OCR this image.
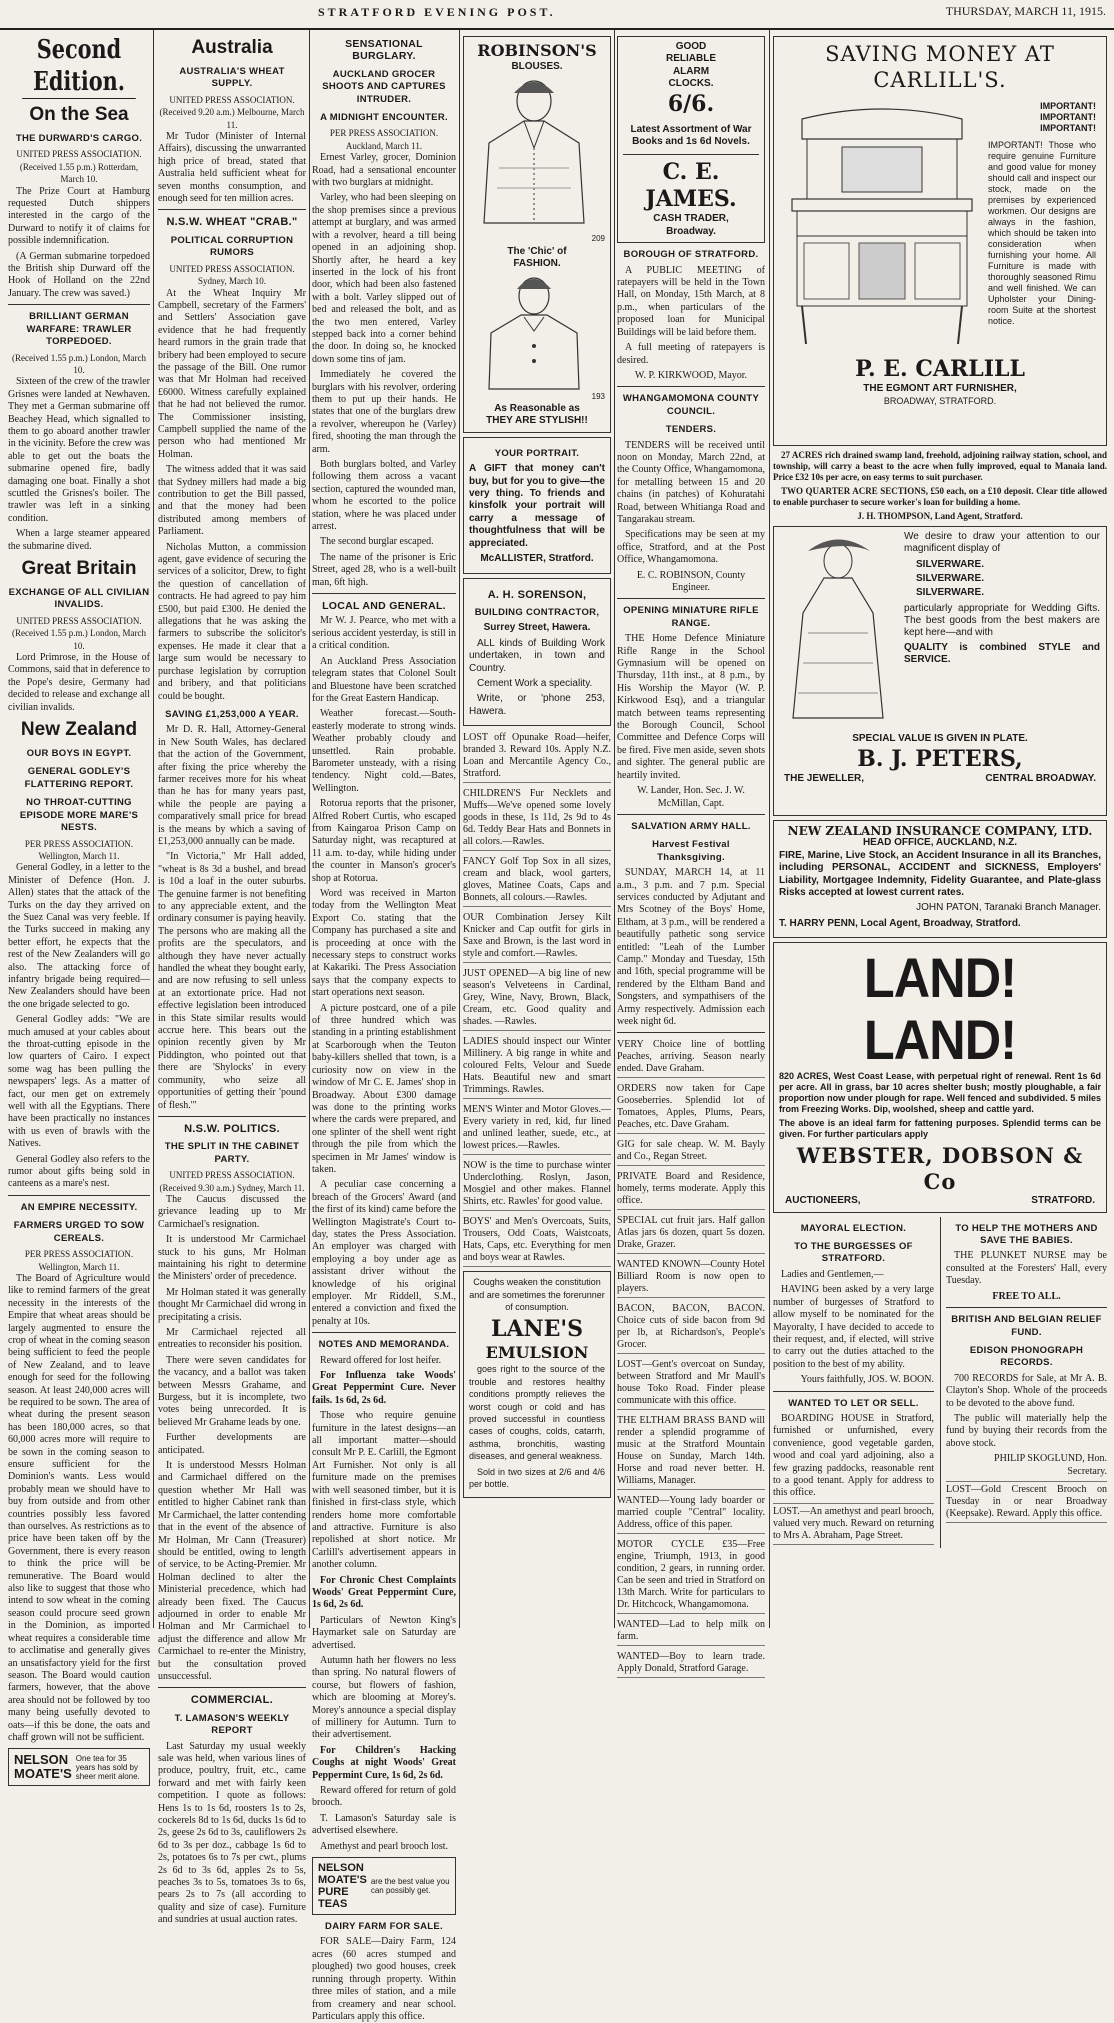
STRATFORD EVENING POST.	THURSDAY, MARCH 11, 1915.
Second Edition.
On the Sea
THE DURWARD'S CARGO.

UNITED PRESS ASSOCIATION. (Received 1.55 p.m.) Rotterdam, March 10.

The Prize Court at Hamburg requested Dutch shippers interested in the cargo of the Durward to notify it of claims for possible indemnification.

(A German submarine torpedoed the British ship Durward off the Hook of Holland on the 22nd January. The crew was saved.)

BRILLIANT GERMAN WARFARE: TRAWLER TORPEDOED.

(Received 1.55 p.m.) London, March 10.

Sixteen of the crew of the trawler Grisnes were landed at Newhaven. They met a German submarine off Beachey Head, which signalled to them to go aboard another trawler in the vicinity. Before the crew was able to get out the boats the submarine opened fire, badly damaging one boat. Finally a shot scuttled the Grisnes's boiler. The trawler was left in a sinking condition.

When a large steamer appeared the submarine dived.

Great Britain
EXCHANGE OF ALL CIVILIAN INVALIDS.

UNITED PRESS ASSOCIATION. (Received 1.55 p.m.) London, March 10.

Lord Primrose, in the House of Commons, said that in deference to the Pope's desire, Germany had decided to release and exchange all civilian invalids.

New Zealand
OUR BOYS IN EGYPT.
GENERAL GODLEY'S FLATTERING REPORT.
NO THROAT-CUTTING EPISODE MORE MARE'S NESTS.

PER PRESS ASSOCIATION. Wellington, March 11.

General Godley, in a letter to the Minister of Defence (Hon. J. Allen) states that the attack of the Turks on the day they arrived on the Suez Canal was very feeble. If the Turks succeed in making any better effort, he expects that the rest of the New Zealanders will go also. The attacking force of infantry brigade being required—New Zealanders should have been the one brigade selected to go.

General Godley adds: "We are much amused at your cables about the throat-cutting episode in the low quarters of Cairo. I expect some wag has been pulling the newspapers' legs. As a matter of fact, our men get on extremely well with all the Egyptians. There have been practically no instances with us even of brawls with the Natives.

General Godley also refers to the rumor about gifts being sold in canteens as a mare's nest.

AN EMPIRE NECESSITY.
FARMERS URGED TO SOW CEREALS.

PER PRESS ASSOCIATION. Wellington, March 11.

The Board of Agriculture would like to remind farmers of the great necessity in the interests of the Empire that wheat areas should be largely augmented to ensure the crop of wheat in the coming season being sufficient to feed the people of New Zealand, and to leave enough for seed for the following season. At least 240,000 acres will be required to be sown. The area of wheat during the present season has been 180,000 acres, so that 60,000 acres more will require to be sown in the coming season to ensure sufficient for the Dominion's wants. Less would probably mean we should have to buy from outside and from other countries possibly less favored than ourselves. As restrictions as to price have been taken off by the Government, there is every reason to think the price will be remunerative. The Board would also like to suggest that those who intend to sow wheat in the coming season could procure seed grown in the Dominion, as imported wheat requires a considerable time to acclimatise and generally gives an unsatisfactory yield for the first season. The Board would caution farmers, however, that the above area should not be followed by too many being usefully devoted to oats—if this be done, the oats and chaff grown will not be sufficient.

NELSON MOATE'S
One tea for 35 years has sold by sheer merit alone.
Australia
AUSTRALIA'S WHEAT SUPPLY.

UNITED PRESS ASSOCIATION. (Received 9.20 a.m.) Melbourne, March 11.

Mr Tudor (Minister of Internal Affairs), discussing the unwarranted high price of bread, stated that Australia held sufficient wheat for seven months consumption, and enough seed for ten million acres.

N.S.W. WHEAT "CRAB."
POLITICAL CORRUPTION RUMORS

UNITED PRESS ASSOCIATION. Sydney, March 10.

At the Wheat Inquiry Mr Campbell, secretary of the Farmers' and Settlers' Association gave evidence that he had frequently heard rumors in the grain trade that bribery had been employed to secure the passage of the Bill. One rumor was that Mr Holman had received £6000. Witness carefully explained that he had not believed the rumor. The Commissioner insisting, Campbell supplied the name of the person who had mentioned Mr Holman.

The witness added that it was said that Sydney millers had made a big contribution to get the Bill passed, and that the money had been distributed among members of Parliament.

Nicholas Mutton, a commission agent, gave evidence of securing the services of a solicitor, Drew, to fight the question of cancellation of contracts. He had agreed to pay him £500, but paid £300. He denied the allegations that he was asking the farmers to subscribe the solicitor's expenses. He made it clear that a large sum would be necessary to purchase legislation by corruption and bribery, and that politicians could be bought.

SAVING £1,253,000 A YEAR.

Mr D. R. Hall, Attorney-General in New South Wales, has declared that the action of the Government, after fixing the price whereby the farmer receives more for his wheat than he has for many years past, while the people are paying a comparatively small price for bread is the means by which a saving of £1,253,000 annually can be made.

"In Victoria," Mr Hall added, "wheat is 8s 3d a bushel, and bread is 10d a loaf in the outer suburbs. The genuine farmer is not benefiting to any appreciable extent, and the ordinary consumer is paying heavily. The persons who are making all the profits are the speculators, and although they have never actually handled the wheat they bought early, and are now refusing to sell unless at an extortionate price. Had not effective legislation been introduced in this State similar results would accrue here. This bears out the opinion recently given by Mr Piddington, who pointed out that there are 'Shylocks' in every community, who seize all opportunities of getting their 'pound of flesh.'"

N.S.W. POLITICS.
THE SPLIT IN THE CABINET PARTY.

UNITED PRESS ASSOCIATION. (Received 9.30 a.m.) Sydney, March 11.

The Caucus discussed the grievance leading up to Mr Carmichael's resignation.

It is understood Mr Carmichael stuck to his guns, Mr Holman maintaining his right to determine the Ministers' order of precedence.

Mr Holman stated it was generally thought Mr Carmichael did wrong in precipitating a crisis.

Mr Carmichael rejected all entreaties to reconsider his position.

There were seven candidates for the vacancy, and a ballot was taken between Messrs Grahame, and Burgess, but it is incomplete, two votes being unrecorded. It is believed Mr Grahame leads by one.

Further developments are anticipated.

It is understood Messrs Holman and Carmichael differed on the question whether Mr Hall was entitled to higher Cabinet rank than Mr Carmichael, the latter contending that in the event of the absence of Mr Holman, Mr Cann (Treasurer) should be entitled, owing to length of service, to be Acting-Premier. Mr Holman declined to alter the Ministerial precedence, which had already been fixed. The Caucus adjourned in order to enable Mr Holman and Mr Carmichael to adjust the difference and allow Mr Carmichael to re-enter the Ministry, but the consultation proved unsuccessful.

COMMERCIAL.
T. LAMASON'S WEEKLY REPORT

Last Saturday my usual weekly sale was held, when various lines of produce, poultry, fruit, etc., came forward and met with fairly keen competition. I quote as follows: Hens 1s to 1s 6d, roosters 1s to 2s, cockerels 8d to 1s 6d, ducks 1s 6d to 2s, geese 2s 6d to 3s, cauliflowers 2s 6d to 3s per doz., cabbage 1s 6d to 2s, potatoes 6s to 7s per cwt., plums 2s 6d to 3s 6d, apples 2s to 5s, peaches 3s to 5s, tomatoes 3s to 6s, pears 2s to 7s (all according to quality and size of case). Furniture and sundries at usual auction rates.

SENSATIONAL BURGLARY.
AUCKLAND GROCER SHOOTS AND CAPTURES INTRUDER.
A MIDNIGHT ENCOUNTER.

PER PRESS ASSOCIATION. Auckland, March 11.

Ernest Varley, grocer, Dominion Road, had a sensational encounter with two burglars at midnight.

Varley, who had been sleeping on the shop premises since a previous attempt at burglary, and was armed with a revolver, heard a till being opened in an adjoining shop. Shortly after, he heard a key inserted in the lock of his front door, which had been also fastened with a bolt. Varley slipped out of bed and released the bolt, and as the two men entered, Varley stepped back into a corner behind the door. In doing so, he knocked down some tins of jam.

Immediately he covered the burglars with his revolver, ordering them to put up their hands. He states that one of the burglars drew a revolver, whereupon he (Varley) fired, shooting the man through the arm.

Both burglars bolted, and Varley following them across a vacant section, captured the wounded man, whom he escorted to the police station, where he was placed under arrest.

The second burglar escaped.

The name of the prisoner is Eric Street, aged 28, who is a well-built man, 6ft high.

LOCAL AND GENERAL.

Mr W. J. Pearce, who met with a serious accident yesterday, is still in a critical condition.

An Auckland Press Association telegram states that Colonel Soult and Bluestone have been scratched for the Great Eastern Handicap.

Weather forecast.—South-easterly moderate to strong winds. Weather probably cloudy and unsettled. Rain probable. Barometer unsteady, with a rising tendency. Night cold.—Bates, Wellington.

Rotorua reports that the prisoner, Alfred Robert Curtis, who escaped from Kaingaroa Prison Camp on Saturday night, was recaptured at 11 a.m. to-day, while hiding under the counter in Manson's grocer's shop at Rotorua.

Word was received in Marton today from the Wellington Meat Export Co. stating that the Company has purchased a site and is proceeding at once with the necessary steps to construct works at Kakariki. The Press Association says that the company expects to start operations next season.

A picture postcard, one of a pile of three hundred which was standing in a printing establishment at Scarborough when the Teuton baby-killers shelled that town, is a curiosity now on view in the window of Mr C. E. James' shop in Broadway. About £300 damage was done to the printing works where the cards were prepared, and one splinter of the shell went right through the pile from which the specimen in Mr James' window is taken.

A peculiar case concerning a breach of the Grocers' Award (and the first of its kind) came before the Wellington Magistrate's Court to-day, states the Press Association. An employer was charged with employing a boy under age as assistant driver without the knowledge of his original employer. Mr Riddell, S.M., entered a conviction and fixed the penalty at 10s.

NOTES AND MEMORANDA.

Reward offered for lost heifer.

For Influenza take Woods' Great Peppermint Cure. Never fails. 1s 6d, 2s 6d.

Those who require genuine furniture in the latest designs—an all important matter—should consult Mr P. E. Carlill, the Egmont Art Furnisher. Not only is all furniture made on the premises with well seasoned timber, but it is finished in first-class style, which renders home more comfortable and attractive. Furniture is also repolished at short notice. Mr Carlill's advertisement appears in another column.

For Chronic Chest Complaints Woods' Great Peppermint Cure, 1s 6d, 2s 6d.

Particulars of Newton King's Haymarket sale on Saturday are advertised.

Autumn hath her flowers no less than spring. No natural flowers of course, but flowers of fashion, which are blooming at Morey's. Morey's announce a special display of millinery for Autumn. Turn to their advertisement.

For Children's Hacking Coughs at night Woods' Great Peppermint Cure, 1s 6d, 2s 6d.

Reward offered for return of gold brooch.

T. Lamason's Saturday sale is advertised elsewhere.

Amethyst and pearl brooch lost.

NELSON MOATE'S PURE TEAS
are the best value you can possibly get.
DAIRY FARM FOR SALE.

FOR SALE—Dairy Farm, 124 acres (60 acres stumped and ploughed) two good houses, creek running through property. Within three miles of station, and a mile from creamery and near school. Particulars apply this office.

ROBINSON'S
BLOUSES.
209
The 'Chic' of
FASHION.
193
As Reasonable as
THEY ARE STYLISH!!
YOUR PORTRAIT.

A GIFT that money can't buy, but for you to give—the very thing. To friends and kinsfolk your portrait will carry a message of thoughtfulness that will be appreciated.

McALLISTER, Stratford.

A. H. SORENSON,
BUILDING CONTRACTOR,

Surrey Street, Hawera.

ALL kinds of Building Work undertaken, in town and Country.

Cement Work a speciality.

Write, or 'phone 253, Hawera.

LOST off Opunake Road—heifer, branded 3. Reward 10s. Apply N.Z. Loan and Mercantile Agency Co., Stratford.

CHILDREN'S Fur Necklets and Muffs—We've opened some lovely goods in these, 1s 11d, 2s 9d to 4s 6d. Teddy Bear Hats and Bonnets in all colors.—Rawles.

FANCY Golf Top Sox in all sizes, cream and black, wool garters, gloves, Matinee Coats, Caps and Bonnets, all colours.—Rawles.

OUR Combination Jersey Kilt Knicker and Cap outfit for girls in Saxe and Brown, is the last word in style and comfort.—Rawles.

JUST OPENED—A big line of new season's Velveteens in Cardinal, Grey, Wine, Navy, Brown, Black, Cream, etc. Good quality and shades. —Rawles.

LADIES should inspect our Winter Millinery. A big range in white and coloured Felts, Velour and Suede Hats. Beautiful new and smart Trimmings. Rawles.

MEN'S Winter and Motor Gloves.—Every variety in red, kid, fur lined and unlined leather, suede, etc., at lowest prices.—Rawles.

NOW is the time to purchase winter Underclothing. Roslyn, Jason, Mosgiel and other makes. Flannel Shirts, etc. Rawles' for good value.

BOYS' and Men's Overcoats, Suits, Trousers, Odd Coats, Waistcoats, Hats, Caps, etc. Everything for men and boys wear at Rawles.

Coughs weaken the constitution and are sometimes the forerunner of consumption.

LANE'S
EMULSION

goes right to the source of the trouble and restores healthy conditions promptly relieves the worst cough or cold and has proved successful in countless cases of coughs, colds, catarrh, asthma, bronchitis, wasting diseases, and general weakness.

Sold in two sizes at 2/6 and 4/6 per bottle.

GOOD
RELIABLE
ALARM
CLOCKS.
6/6.
Latest Assortment of War Books and 1s 6d Novels.
C. E. JAMES.
CASH TRADER,
Broadway.
BOROUGH OF STRATFORD.

A PUBLIC MEETING of ratepayers will be held in the Town Hall, on Monday, 15th March, at 8 p.m., when particulars of the proposed loan for Municipal Buildings will be laid before them.

A full meeting of ratepayers is desired.

W. P. KIRKWOOD, Mayor.

WHANGAMOMONA COUNTY COUNCIL.
TENDERS.

TENDERS will be received until noon on Monday, March 22nd, at the County Office, Whangamomona, for metalling between 15 and 20 chains (in patches) of Kohuratahi Road, between Whitianga Road and Tangarakau stream.

Specifications may be seen at my office, Stratford, and at the Post Office, Whangamomona.

E. C. ROBINSON, County Engineer.

OPENING MINIATURE RIFLE RANGE.

THE Home Defence Miniature Rifle Range in the School Gymnasium will be opened on Thursday, 11th inst., at 8 p.m., by His Worship the Mayor (W. P. Kirkwood Esq), and a triangular match between teams representing the Borough Council, School Committee and Defence Corps will be fired. Five men aside, seven shots and sighter. The general public are heartily invited.

W. Lander, Hon. Sec. J. W. McMillan, Capt.

SALVATION ARMY HALL.
Harvest Festival Thanksgiving.

SUNDAY, MARCH 14, at 11 a.m., 3 p.m. and 7 p.m. Special services conducted by Adjutant and Mrs Scotney of the Boys' Home, Eltham, at 3 p.m., will be rendered a beautifully pathetic song service entitled: "Leah of the Lumber Camp." Monday and Tuesday, 15th and 16th, special programme will be rendered by the Eltham Band and Songsters, and sympathisers of the Army respectively. Admission each week night 6d.

VERY Choice line of bottling Peaches, arriving. Season nearly ended. Dave Graham.

ORDERS now taken for Cape Gooseberries. Splendid lot of Tomatoes, Apples, Plums, Pears, Peaches, etc. Dave Graham.

GIG for sale cheap. W. M. Bayly and Co., Regan Street.

PRIVATE Board and Residence, homely, terms moderate. Apply this office.

SPECIAL cut fruit jars. Half gallon Atlas jars 6s dozen, quart 5s dozen. Drake, Grazer.

WANTED KNOWN—County Hotel Billiard Room is now open to players.

BACON, BACON, BACON. Choice cuts of side bacon from 9d per lb, at Richardson's, People's Grocer.

LOST—Gent's overcoat on Sunday, between Stratford and Mr Maull's house Toko Road. Finder please communicate with this office.

THE ELTHAM BRASS BAND will render a splendid programme of music at the Stratford Mountain House on Sunday, March 14th. Horse and road never better. H. Williams, Manager.

WANTED—Young lady boarder or married couple "Central" locality. Address, office of this paper.

MOTOR CYCLE £35—Free engine, Triumph, 1913, in good condition, 2 gears, in running order. Can be seen and tried in Stratford on 13th March. Write for particulars to Dr. Hitchcock, Whangamomona.

WANTED—Lad to help milk on farm.

WANTED—Boy to learn trade. Apply Donald, Stratford Garage.

SAVING MONEY AT
CARLILL'S.
IMPORTANT!
IMPORTANT!
IMPORTANT!

IMPORTANT! Those who require genuine Furniture and good value for money should call and inspect our stock, made on the premises by experienced workmen. Our designs are always in the fashion, which should be taken into consideration when furnishing your home. All Furniture is made with thoroughly seasoned Rimu and well finished. We can Upholster your Dining-room Suite at the shortest notice.

P. E. CARLILL
THE EGMONT ART FURNISHER,
BROADWAY, STRATFORD.

27 ACRES rich drained swamp land, freehold, adjoining railway station, school, and township, will carry a beast to the acre when fully improved, equal to Manaia land. Price £32 10s per acre, on easy terms to suit purchaser.

TWO QUARTER ACRE SECTIONS, £50 each, on a £10 deposit. Clear title allowed to enable purchaser to secure worker's loan for building a home.

J. H. THOMPSON, Land Agent, Stratford.

We desire to draw your attention to our magnificent display of

SILVERWARE.
SILVERWARE.
SILVERWARE.

particularly appropriate for Wedding Gifts. The best goods from the best makers are kept here—and with

QUALITY is combined STYLE and SERVICE.

SPECIAL VALUE IS GIVEN IN PLATE.
B. J. PETERS,
THE JEWELLER,	CENTRAL BROADWAY.
NEW ZEALAND INSURANCE COMPANY, LTD.
HEAD OFFICE, AUCKLAND, N.Z.

FIRE, Marine, Live Stock, an Accident Insurance in all its Branches, including PERSONAL, ACCIDENT and SICKNESS, Employers' Liability, Mortgagee Indemnity, Fidelity Guarantee, and Plate-glass Risks accepted at lowest current rates.

JOHN PATON, Taranaki Branch Manager.

T. HARRY PENN, Local Agent, Broadway, Stratford.

LAND! LAND!

820 ACRES, West Coast Lease, with perpetual right of renewal. Rent 1s 6d per acre. All in grass, bar 10 acres shelter bush; mostly ploughable, a fair proportion now under plough for rape. Well fenced and subdivided. 5 miles from Freezing Works. Dip, woolshed, sheep and cattle yard.

The above is an ideal farm for fattening purposes. Splendid terms can be given. For further particulars apply

WEBSTER, DOBSON & Co
AUCTIONEERS,	STRATFORD.
MAYORAL ELECTION.
TO THE BURGESSES OF STRATFORD.

Ladies and Gentlemen,—

HAVING been asked by a very large number of burgesses of Stratford to allow myself to be nominated for the Mayoralty, I have decided to accede to their request, and, if elected, will strive to carry out the duties attached to the position to the best of my ability.

Yours faithfully, JOS. W. BOON.

WANTED TO LET OR SELL.

BOARDING HOUSE in Stratford, furnished or unfurnished, every convenience, good vegetable garden, wood and coal yard adjoining, also a few grazing paddocks, reasonable rent to a good tenant. Apply for address to this office.

LOST.—An amethyst and pearl brooch, valued very much. Reward on returning to Mrs A. Abraham, Page Street.

TO HELP THE MOTHERS AND SAVE THE BABIES.

THE PLUNKET NURSE may be consulted at the Foresters' Hall, every Tuesday.

FREE TO ALL.

BRITISH AND BELGIAN RELIEF FUND.
EDISON PHONOGRAPH RECORDS.

700 RECORDS for Sale, at Mr A. B. Clayton's Shop. Whole of the proceeds to be devoted to the above fund.

The public will materially help the fund by buying their records from the above stock.

PHILIP SKOGLUND, Hon. Secretary.

LOST—Gold Crescent Brooch on Tuesday in or near Broadway (Keepsake). Reward. Apply this office.
